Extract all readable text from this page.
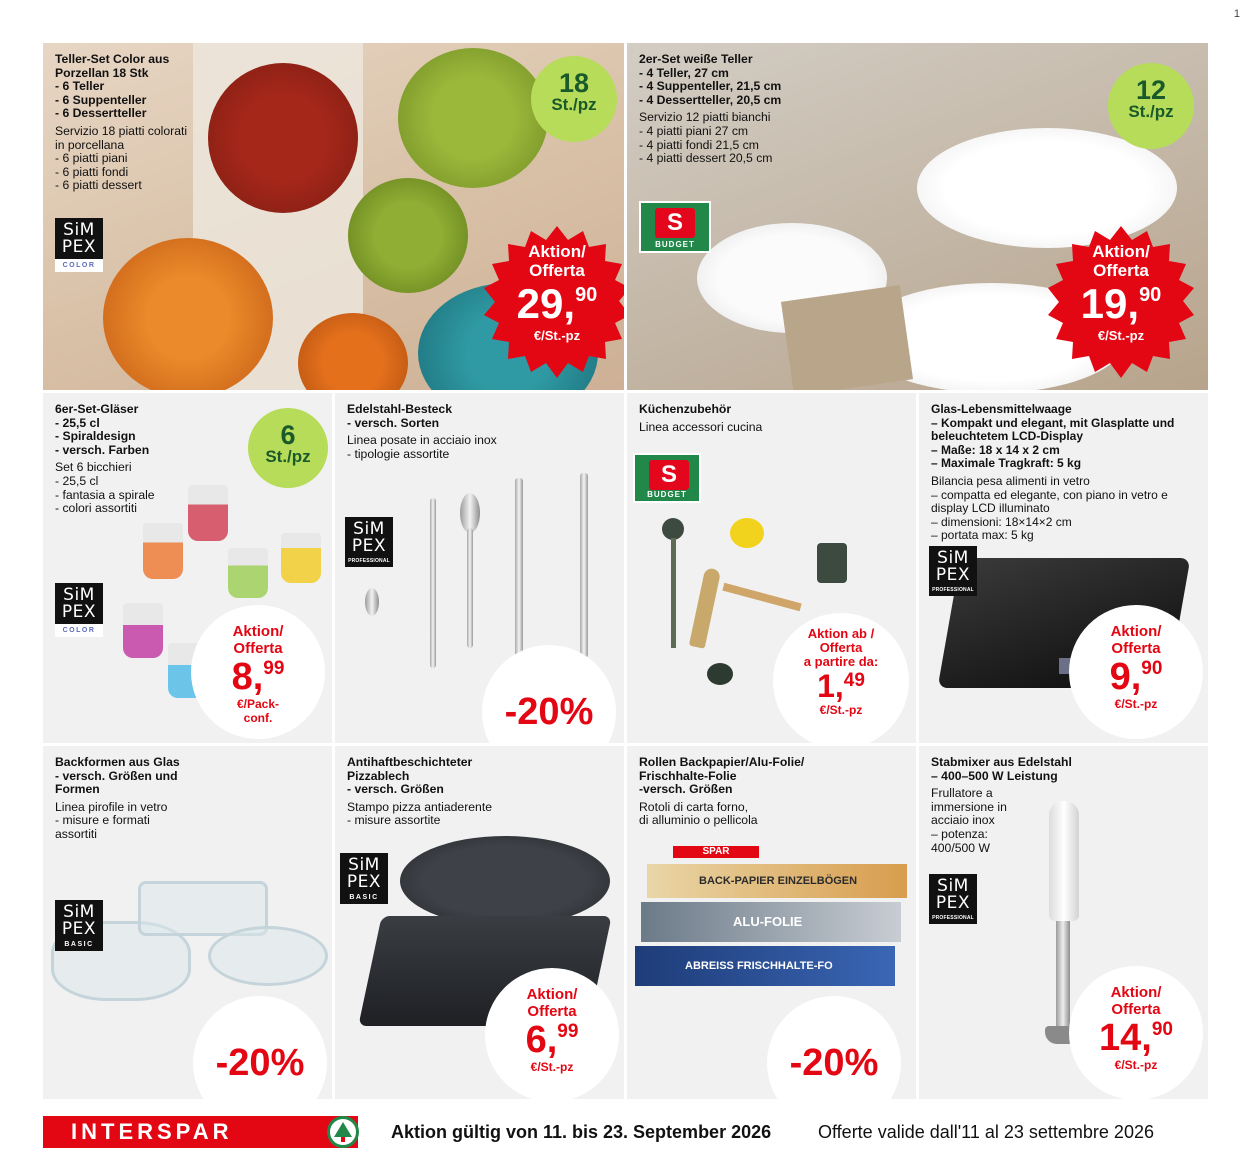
1
Teller-Set Color aus
Porzellan 18 Stk
- 6 Teller
- 6 Suppenteller
- 6 Dessertteller
Servizio 18 piatti colorati
in porcellana
- 6 piatti piani
- 6 piatti fondi
- 6 piatti dessert
SiM
PEX
COLOR
18
St./pz
Aktion/
Offerta
29,90
€/St.-pz
2er-Set weiße Teller
- 4 Teller, 27 cm
- 4 Suppenteller, 21,5 cm
- 4 Dessertteller, 20,5 cm
Servizio 12 piatti bianchi
- 4 piatti piani 27 cm
- 4 piatti fondi 21,5 cm
- 4 piatti dessert 20,5 cm
S
BUDGET
12
St./pz
Aktion/
Offerta
19,90
€/St.-pz
6er-Set-Gläser
- 25,5 cl
- Spiraldesign
- versch. Farben
Set 6 bicchieri
- 25,5 cl
- fantasia a spirale
- colori assortiti
SiM
PEX
COLOR
6
St./pz
Aktion/
Offerta
8,99
€/Pack-
conf.
Edelstahl-Besteck
- versch. Sorten
Linea posate in acciaio inox
- tipologie assortite
SiM
PEX
PROFESSIONAL
-20%
Küchenzubehör
Linea accessori cucina
S
BUDGET
Aktion ab /
Offerta
a partire da:
1,49
€/St.-pz
Glas-Lebensmittelwaage
– Kompakt und elegant, mit Glasplatte und
beleuchtetem LCD-Display
– Maße: 18 x 14 x 2 cm
– Maximale Tragkraft: 5 kg
Bilancia pesa alimenti in vetro
– compatta ed elegante, con piano in vetro e
display LCD illuminato
– dimensioni: 18×14×2 cm
– portata max: 5 kg
SiM
PEX
PROFESSIONAL
Aktion/
Offerta
9,90
€/St.-pz
Backformen aus Glas
- versch. Größen und
Formen
Linea pirofile in vetro
- misure e formati
assortiti
SiM
PEX
BASIC
-20%
Antihaftbeschichteter
Pizzablech
- versch. Größen
Stampo pizza antiaderente
- misure assortite
SiM
PEX
BASIC
Aktion/
Offerta
6,99
€/St.-pz
SPAR
BACK-PAPIER EINZELBÖGEN
ALU-FOLIE
ABREISS FRISCHHALTE-FO
Rollen Backpapier/Alu-Folie/
Frischhalte-Folie
-versch. Größen
Rotoli di carta forno,
di alluminio o pellicola
-20%
Stabmixer aus Edelstahl
– 400–500 W Leistung
Frullatore a
immersione in
acciaio inox
– potenza:
400/500 W
SiM
PEX
PROFESSIONAL
Aktion/
Offerta
14,90
€/St.-pz
INTERSPAR	Aktion gültig von 11. bis 23. September 2026	Offerte valide dall'11 al 23 settembre 2026
